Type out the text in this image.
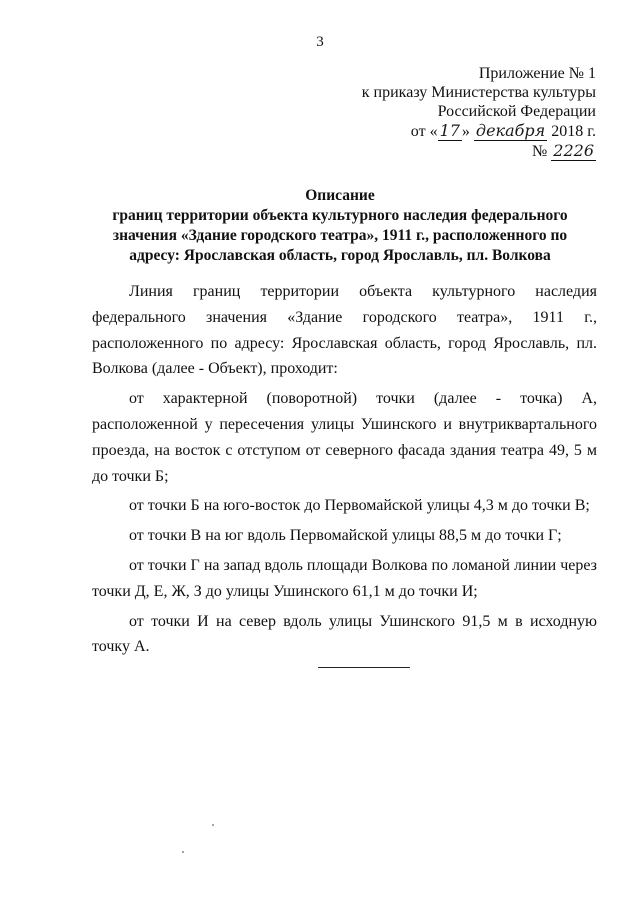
3
Приложение № 1
к приказу Министерства культуры
Российской Федерации
от « 17 » декабря 2018 г.
№ 2226
Описание
границ территории объекта культурного наследия федерального значения «Здание городского театра», 1911 г., расположенного по адресу: Ярославская область, город Ярославль, пл. Волкова

Линия границ территории объекта культурного наследия федерального значения «Здание городского театра», 1911 г., расположенного по адресу: Ярославская область, город Ярославль, пл. Волкова (далее - Объект), проходит:

от характерной (поворотной) точки (далее - точка) А, расположенной у пересечения улицы Ушинского и внутриквартального проезда, на восток с отступом от северного фасада здания театра 49, 5 м до точки Б;

от точки Б на юго-восток до Первомайской улицы 4,3 м до точки В;

от точки В на юг вдоль Первомайской улицы 88,5 м до точки Г;

от точки Г на запад вдоль площади Волкова по ломаной линии через точки Д, Е, Ж, З до улицы Ушинского 61,1 м до точки И;

от точки И на север вдоль улицы Ушинского 91,5 м в исходную точку А.
